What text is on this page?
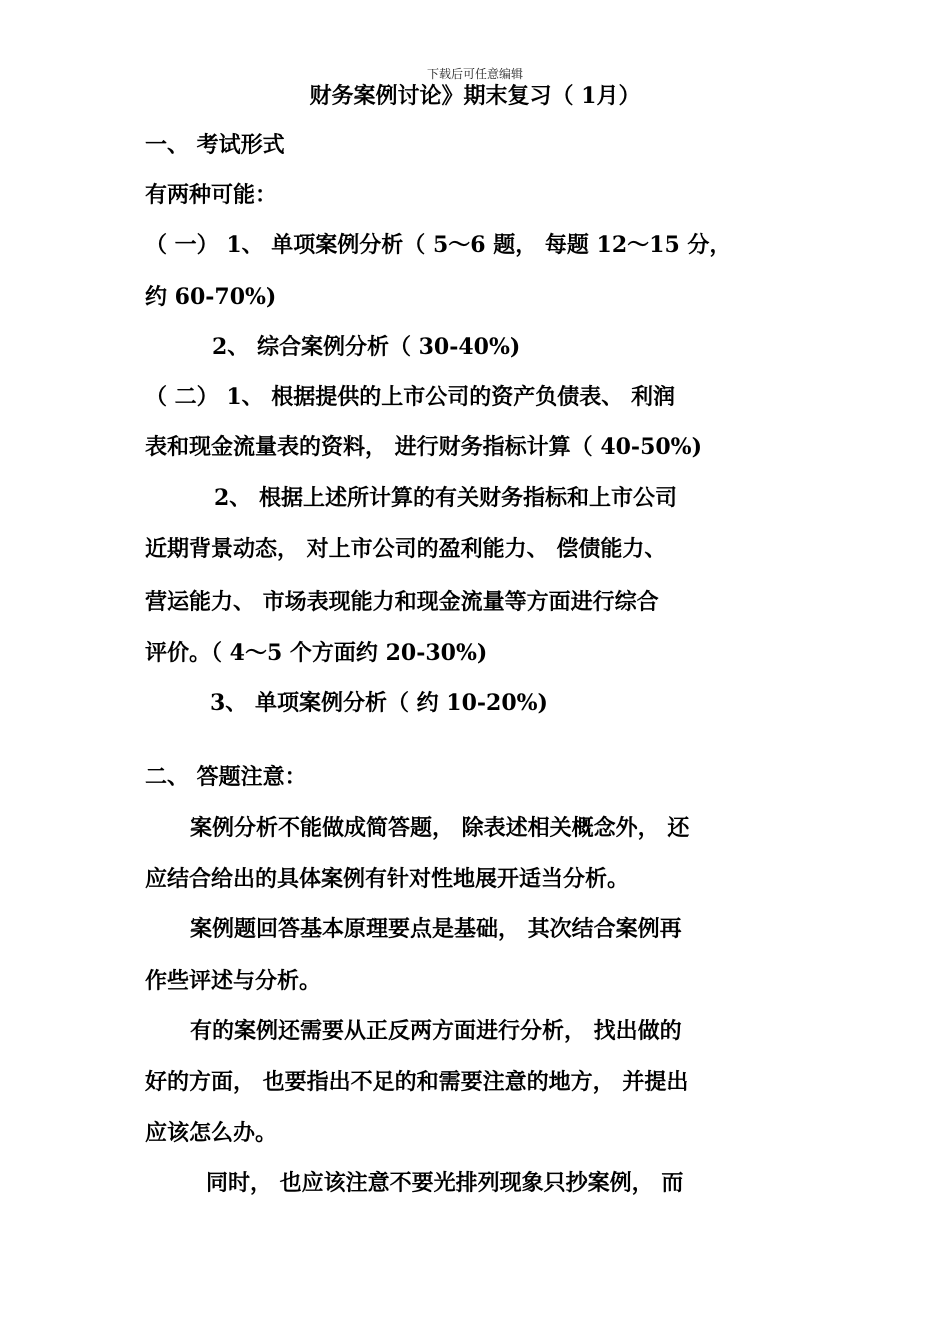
下载后可任意编辑
财务案例讨论》期末复习（ 1月）
一、 考试形式
有两种可能：
（ 一） 1、 单项案例分析（ 5～6 题， 每题 12～15 分，
约 60-70%)
2、 综合案例分析（ 30-40%)
（ 二） 1、 根据提供的上市公司的资产负债表、 利润
表和现金流量表的资料， 进行财务指标计算（ 40-50%)
2、 根据上述所计算的有关财务指标和上市公司
近期背景动态， 对上市公司的盈利能力、 偿债能力、
营运能力、 市场表现能力和现金流量等方面进行综合
评价。（ 4～5 个方面约 20-30%)
3、 单项案例分析（ 约 10-20%)
二、 答题注意：
案例分析不能做成简答题， 除表述相关概念外， 还
应结合给出的具体案例有针对性地展开适当分析。
案例题回答基本原理要点是基础， 其次结合案例再
作些评述与分析。
有的案例还需要从正反两方面进行分析， 找出做的
好的方面， 也要指出不足的和需要注意的地方， 并提出
应该怎么办。
同时， 也应该注意不要光排列现象只抄案例， 而
